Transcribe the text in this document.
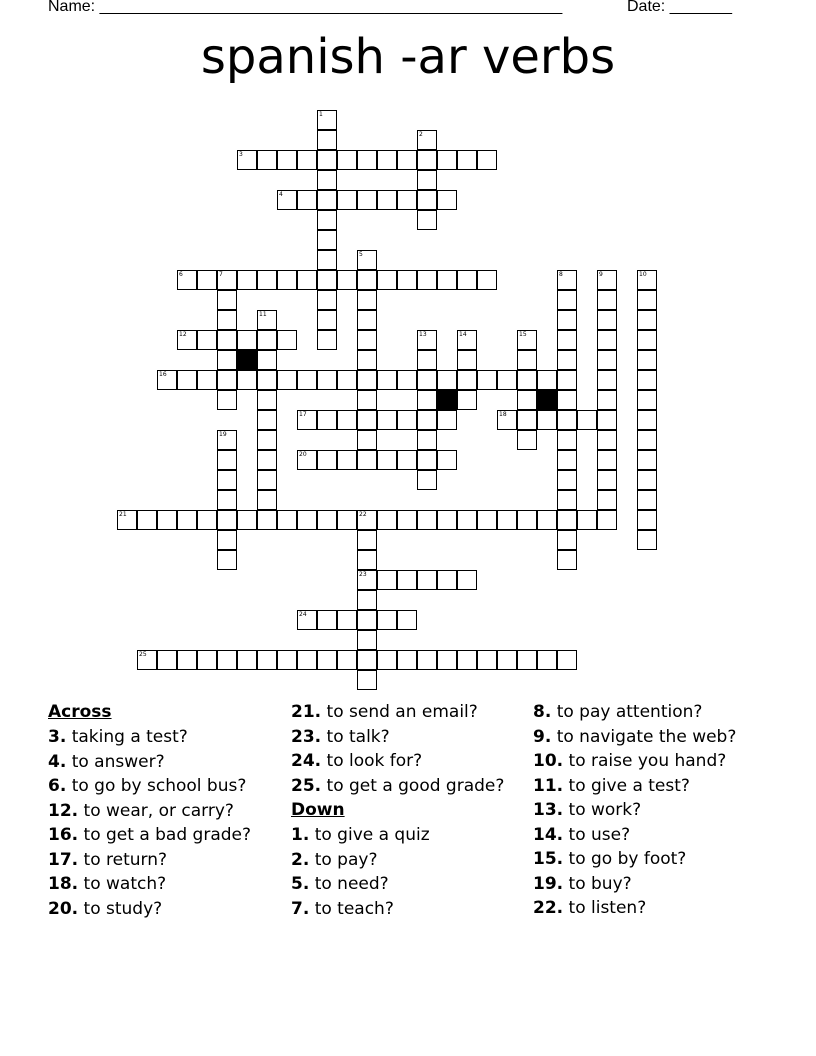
Name: ____________________________________________________	Date: _______
spanish -ar verbs
1
2
3
4
5
6	7	8	9	10
11
12	13	14	15
16
17	18
19
20
21	22
23
24
25
Across
3. taking a test?
4. to answer?
6. to go by school bus?
12. to wear, or carry?
16. to get a bad grade?
17. to return?
18. to watch?
20. to study?
21. to send an email?
23. to talk?
24. to look for?
25. to get a good grade?
Down
1. to give a quiz
2. to pay?
5. to need?
7. to teach?
8. to pay attention?
9. to navigate the web?
10. to raise you hand?
11. to give a test?
13. to work?
14. to use?
15. to go by foot?
19. to buy?
22. to listen?
